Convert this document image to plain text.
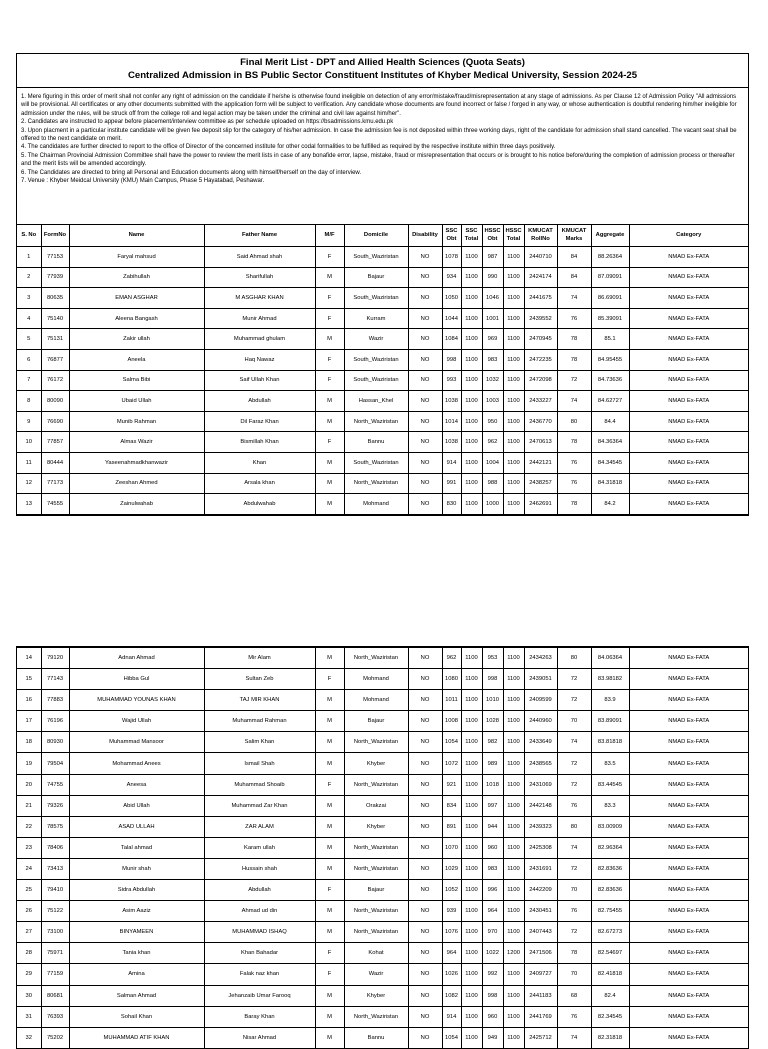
Final Merit List - DPT and Allied Health Sciences (Quota Seats)
Centralized Admission in BS Public Sector Constituent Institutes of Khyber Medical University, Session 2024-25

1. Mere figuring in this order of merit shall not confer any right of admission on the candidate if he/she is otherwise found ineligible on detection of any error/mistake/fraud/misrepresentation at any stage of admissions. As per Clause 12 of Admission Policy "All admissions will be provisional. All certificates or any other documents submitted with the application form will be subject to verification. Any candidate whose documents are found incorrect or false / forged in any way, or whose authentication is doubtful rendering him/her ineligible for admission under the rules, will be struck off from the college roll and legal action may be taken under the criminal and civil law against him/her".

2. Candidates are instructed to appear before placement/interview committee as per schedule uploaded on https://bsadmissions.kmu.edu.pk

3. Upon placment in a particular institute candidate will be given fee deposit slip for the category of his/her admission. In case the admission fee is not deposited within three working days, right of the candidate for admission shall stand cancelled. The vacant seat shall be offered to the next candidate on merit.

4. The candidates are further directed to report to the office of Director of the concerned institute for other codal formalities to be fulfilled as required by the respective institute within three days positively.

5. The Chairman Provincial Admission Committee shall have the power to review the merit lists in case of any bonafide error, lapse, mistake, fraud or misrepresentation that occurs or is brought to his notice before/during the completion of admission process or thereafter and the merit lists will be amended accordingly.

6. The Candidates are directed to bring all Personal and Education documents along with himself/herself on the day of interview.

7. Venue : Khyber Meidcal University (KMU) Main Campus, Phase 5 Hayatabad, Peshawar.

S. No	FormNo	Name	Father Name	M/F	Domicile	Disability	SSC Obt	SSC Total	HSSC Obt	HSSC Total	KMUCAT RollNo	KMUCAT Marks	Aggregate	Category
1	77153	Faryal mahsud	Said Ahmad shah	F	South_Waziristan	NO	1078	1100	987	1100	2440710	84	88.26364	NMAD Ex-FATA
2	77939	Zabihullah	Sharifullah	M	Bajaur	NO	934	1100	990	1100	2424174	84	87.09091	NMAD Ex-FATA
3	80635	EMAN ASGHAR	M ASGHAR KHAN	F	South_Waziristan	NO	1050	1100	1046	1100	2441675	74	86.69091	NMAD Ex-FATA
4	75140	Aleena Bangash	Munir Ahmad	F	Kurram	NO	1044	1100	1001	1100	2439552	76	85.39091	NMAD Ex-FATA
5	75131	Zakir ullah	Muhammad ghulam	M	Wazir	NO	1084	1100	969	1100	2470945	78	85.1	NMAD Ex-FATA
6	76877	Aneela	Haq Nawaz	F	South_Waziristan	NO	998	1100	983	1100	2472235	78	84.95455	NMAD Ex-FATA
7	76172	Salma Bibi	Saif Ullah Khan	F	South_Waziristan	NO	993	1100	1032	1100	2472098	72	84.73636	NMAD Ex-FATA
8	80090	Ubaid Ullah	Abdullah	M	Hassan_Khel	NO	1038	1100	1003	1100	2433227	74	84.62727	NMAD Ex-FATA
9	76690	Munib Rahman	Dil Faraz Khan	M	North_Waziristan	NO	1014	1100	950	1100	2436770	80	84.4	NMAD Ex-FATA
10	77857	Almas Wazir	Bismillah Khan	F	Bannu	NO	1038	1100	962	1100	2470613	78	84.36364	NMAD Ex-FATA
11	80444	Yaseenahmadkhanwazir	Khan	M	South_Waziristan	NO	914	1100	1004	1100	2442121	76	84.34545	NMAD Ex-FATA
12	77173	Zeeshan Ahmed	Arsala khan	M	North_Waziristan	NO	991	1100	988	1100	2438257	76	84.31818	NMAD Ex-FATA
13	74555	Zainulwahab	Abdulwahab	M	Mohmand	NO	830	1100	1000	1100	2462691	78	84.2	NMAD Ex-FATA
14	79120	Adnan Ahmad	Mir Alam	M	North_Waziristan	NO	962	1100	953	1100	2434263	80	84.06364	NMAD Ex-FATA
15	77143	Hibba Gul	Sultan Zeb	F	Mohmand	NO	1080	1100	998	1100	2439051	72	83.98182	NMAD Ex-FATA
16	77883	MUHAMMAD YOUNAS KHAN	TAJ MIR KHAN	M	Mohmand	NO	1011	1100	1010	1100	2409599	72	83.9	NMAD Ex-FATA
17	76196	Wajid Ullah	Muhammad Rahman	M	Bajaur	NO	1008	1100	1028	1100	2440960	70	83.89091	NMAD Ex-FATA
18	80930	Muhammad Mansoor	Salim Khan	M	North_Waziristan	NO	1054	1100	982	1100	2433649	74	83.81818	NMAD Ex-FATA
19	79504	Mohammad Anees	Ismail Shah	M	Khyber	NO	1072	1100	989	1100	2438565	72	83.5	NMAD Ex-FATA
20	74755	Aneesa	Muhammad Shoaib	F	North_Waziristan	NO	921	1100	1018	1100	2431069	72	83.44545	NMAD Ex-FATA
21	79326	Abid Ullah	Muhammad Zar Khan	M	Orakzai	NO	834	1100	997	1100	2442148	76	83.3	NMAD Ex-FATA
22	78575	ASAD ULLAH	ZAR ALAM	M	Khyber	NO	891	1100	944	1100	2439323	80	83.00909	NMAD Ex-FATA
23	78406	Talal ahmad	Karam ullah	M	North_Waziristan	NO	1070	1100	960	1100	2425308	74	82.96364	NMAD Ex-FATA
24	73413	Munir shah	Hussain shah	M	North_Waziristan	NO	1029	1100	983	1100	2431691	72	82.83636	NMAD Ex-FATA
25	79410	Sidra Abdullah	Abdullah	F	Bajaur	NO	1052	1100	996	1100	2442209	70	82.83636	NMAD Ex-FATA
26	75122	Asim Aaziz	Ahmad ud din	M	North_Waziristan	NO	939	1100	964	1100	2430451	76	82.75455	NMAD Ex-FATA
27	73100	BINYAMEEN	MUHAMMAD ISHAQ	M	North_Waziristan	NO	1076	1100	970	1100	2407443	72	82.67273	NMAD Ex-FATA
28	75971	Tania khan	Khan Bahadar	F	Kohat	NO	964	1100	1022	1200	2471506	78	82.54697	NMAD Ex-FATA
29	77159	Amina	Falak naz khan	F	Wazir	NO	1026	1100	992	1100	2409727	70	82.41818	NMAD Ex-FATA
30	80681	Salman Ahmad	Jehanzaib Umar Farooq	M	Khyber	NO	1082	1100	998	1100	2441183	68	82.4	NMAD Ex-FATA
31	76393	Sohail Khan	Baray Khan	M	North_Waziristan	NO	914	1100	960	1100	2441769	76	82.34545	NMAD Ex-FATA
32	75202	MUHAMMAD ATIF KHAN	Nisar Ahmad	M	Bannu	NO	1054	1100	949	1100	2425712	74	82.31818	NMAD Ex-FATA
